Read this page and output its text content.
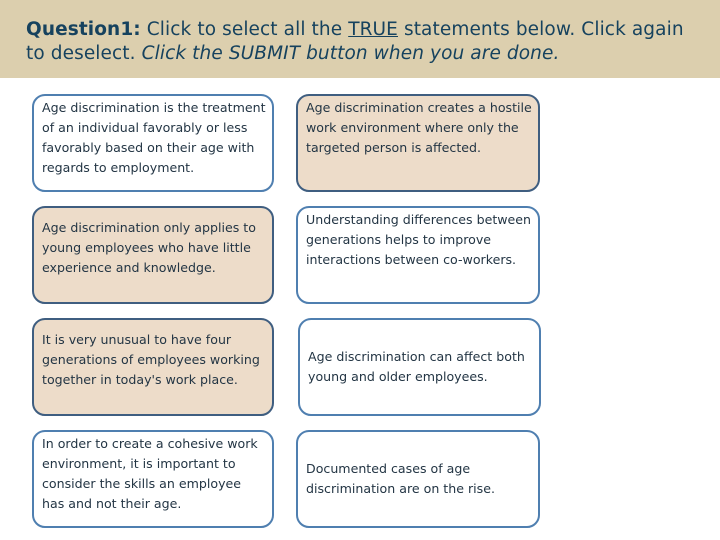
Question1: Click to select all the TRUE statements below. Click again to deselect. Click the SUBMIT button when you are done.
Age discrimination is the treatment of an individual favorably or less favorably based on their age with regards to employment.
Age discrimination creates a hostile work environment where only the targeted person is affected.
Age discrimination only applies to young employees who have little experience and knowledge.
Understanding differences between generations helps to improve interactions between co-workers.
It is very unusual to have four generations of employees working together in today's work place.
Age discrimination can affect both young and older employees.
In order to create a cohesive work environment, it is important to consider the skills an employee has and not their age.
Documented cases of age discrimination are on the rise.
